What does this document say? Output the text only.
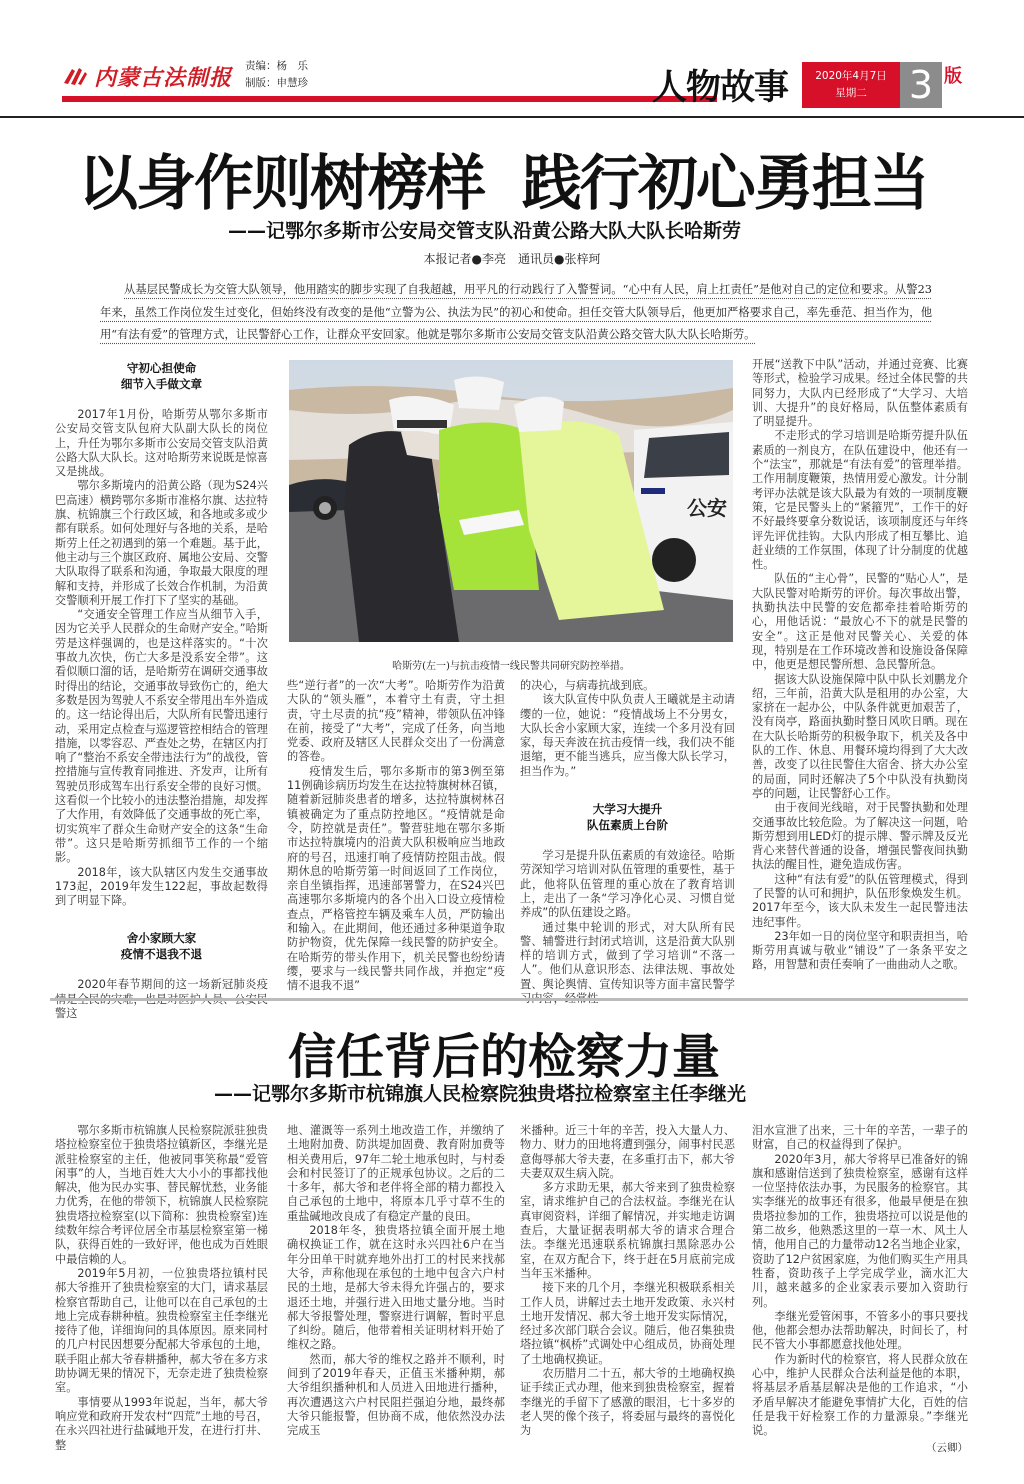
内蒙古法制报 责编：杨　乐
制版：申慧珍	人物故事	2020年4月7日
星期二	3 版
以身作则树榜样  践行初心勇担当
——记鄂尔多斯市公安局交管支队沿黄公路大队大队长哈斯劳
本报记者●李亮　通讯员●张梓珂
从基层民警成长为交管大队领导，他用踏实的脚步实现了自我超越，用平凡的行动践行了入警誓词。“心中有人民，肩上扛责任”是他对自己的定位和要求。从警23年来，虽然工作岗位发生过变化，但始终没有改变的是他“立警为公、执法为民”的初心和使命。担任交管大队领导后，他更加严格要求自己，率先垂范、担当作为，他用“有法有爱”的管理方式，让民警舒心工作，让群众平安回家。他就是鄂尔多斯市公安局交管支队沿黄公路交管大队大队长哈斯劳。
守初心担使命
细节入手做文章

2017年1月份，哈斯劳从鄂尔多斯市公安局交管支队包府大队副大队长的岗位上，升任为鄂尔多斯市公安局交管支队沿黄公路大队大队长。这对哈斯劳来说既是惊喜又是挑战。

鄂尔多斯境内的沿黄公路（现为S24兴巴高速）横跨鄂尔多斯市准格尔旗、达拉特旗、杭锦旗三个行政区域，和各地或多或少都有联系。如何处理好与各地的关系，是哈斯劳上任之初遇到的第一个难题。基于此，他主动与三个旗区政府、属地公安局、交警大队取得了联系和沟通，争取最大限度的理解和支持，并形成了长效合作机制，为沿黄交警顺利开展工作打下了坚实的基础。

“交通安全管理工作应当从细节入手，因为它关乎人民群众的生命财产安全。”哈斯劳是这样强调的，也是这样落实的。“十次事故九次快，伤亡大多是没系安全带”。这看似顺口溜的话，是哈斯劳在调研交通事故时得出的结论，交通事故导致伤亡的，绝大多数是因为驾驶人不系安全带甩出车外造成的。这一结论得出后，大队所有民警迅速行动，采用定点检查与巡逻管控相结合的管理措施，以零容忍、严查处之势，在辖区内打响了“整治不系安全带违法行为”的战役，管控措施与宣传教育同推进、齐发声，让所有驾驶员形成驾车出行系安全带的良好习惯。这看似一个比较小的违法整治措施，却发挥了大作用，有效降低了交通事故的死亡率，切实筑牢了群众生命财产安全的这条“生命带”。这只是哈斯劳抓细节工作的一个缩影。

2018年，该大队辖区内发生交通事故173起，2019年发生122起，事故起数得到了明显下降。

舍小家顾大家
疫情不退我不退

2020年春节期间的这一场新冠肺炎疫 警这

公安
哈斯劳(左一)与抗击疫情一线民警共同研究防控举措。

些“逆行者”的一次“大考”。哈斯劳作为沿黄大队的“领头雁”，本着守土有责，守土担责，守土尽责的抗“疫”精神，带领队伍冲锋在前，接受了“大考”，完成了任务，向当地党委、政府及辖区人民群众交出了一份满意的答卷。

疫情发生后，鄂尔多斯市的第3例至第11例确诊病历均发生在达拉特旗树林召镇，随着新冠肺炎患者的增多，达拉特旗树林召镇被确定为了重点防控地区。“疫情就是命令，防控就是责任”。警营驻地在鄂尔多斯市达拉特旗境内的沿黄大队积极响应当地政府的号召，迅速打响了疫情防控阻击战。假期休息的哈斯劳第一时间返回了工作岗位，亲自坐镇指挥，迅速部署警力，在S24兴巴高速鄂尔多斯境内的各个出入口设立疫情检查点，严格管控车辆及乘车人员，严防输出和输入。在此期间，他还通过多种渠道争取防护物资，优先保障一线民警的防护安全。在哈斯劳的带头作用下，机关民警也纷纷请缨，要求与一线民警共同作战，并抱定“疫情不退我不退”

的决心，与病毒抗战到底。

该大队宣传中队负责人王曦就是主动请缨的一位，她说：“疫情战场上不分男女，大队长舍小家顾大家，连续一个多月没有回家，每天奔波在抗击疫情一线，我们决不能退缩，更不能当逃兵，应当像大队长学习，担当作为。”

大学习大提升
队伍素质上台阶

学习是提升队伍素质的有效途径。哈斯劳深知学习培训对队伍管理的重要性，基于此，他将队伍管理的重心放在了教育培训上，走出了一条“学习净化心灵、习惯自觉养成”的队伍建设之路。

通过集中轮训的形式，对大队所有民警、辅警进行封闭式培训，这是沿黄大队别样的培训方式，做到了学习培训“不落一人”。他们从意识形态、法律法规、事故处置、舆论舆情、宣传知识等方面丰富民警学

开展“送教下中队”活动，并通过竞赛、比赛等形式，检验学习成果。经过全体民警的共同努力，大队内已经形成了“大学习、大培训、大提升”的良好格局，队伍整体素质有了明显提升。

不走形式的学习培训是哈斯劳提升队伍素质的一剂良方，在队伍建设中，他还有一个“法宝”，那就是“有法有爱”的管理举措。工作用制度鞭策，热情用爱心激发。计分制考评办法就是该大队最为有效的一项制度鞭策，它是民警头上的“紧箍咒”，工作干的好不好最终要拿分数说话，该项制度还与年终评先评优挂钩。大队内形成了相互攀比、追赶业绩的工作氛围，体现了计分制度的优越性。

队伍的“主心骨”，民警的“贴心人”，是大队民警对哈斯劳的评价。每次事故出警，执勤执法中民警的安危都牵挂着哈斯劳的心，用他话说：“最放心不下的就是民警的安全”。这正是他对民警关心、关爱的体现，特别是在工作环境改善和设施设备保障中，他更是想民警所想、急民警所急。

据该大队设施保障中队中队长刘鹏龙介绍，三年前，沿黄大队是租用的办公室，大家挤在一起办公，中队条件就更加艰苦了，没有岗亭，路面执勤时整日风吹日晒。现在在大队长哈斯劳的积极争取下，机关及各中队的工作、休息、用餐环境均得到了大大改善，改变了以往民警住大宿舍、挤大办公室的局面，同时还解决了5个中队没有执勤岗亭的问题，让民警舒心工作。

由于夜间光线暗，对于民警执勤和处理交通事故比较危险。为了解决这一问题，哈斯劳想到用LED灯的提示牌、警示牌及反光背心来替代普通的设备，增强民警夜间执勤执法的醒目性，避免造成伤害。

这种“有法有爱”的队伍管理模式，得到了民警的认可和拥护，队伍形象焕发生机。2017年至今，该大队未发生一起民警违法违纪事件。

23年如一日的岗位坚守和职责担当，哈斯劳用真诚与敬业“铺设”了一条条平安之路，用智慧和责任奏响了一曲曲动人之歌。

信任背后的检察力量
——记鄂尔多斯市杭锦旗人民检察院独贵塔拉检察室主任李继光

鄂尔多斯市杭锦旗人民检察院派驻独贵塔拉检察室位于独贵塔拉镇新区，李继光是派驻检察室的主任，他被同事笑称最“爱管闲事”的人，当地百姓大大小小的事都找他解决，他为民办实事、替民解忧愁，业务能力优秀，在他的带领下，杭锦旗人民检察院独贵塔拉检察室(以下简称：独贵检察室)连续数年综合考评位居全市基层检察室第一梯队，获得百姓的一致好评，他也成为百姓眼中最信赖的人。

2019年5月初，一位独贵塔拉镇村民郝大爷推开了独贵检察室的大门，请求基层检察官帮助自己，让他可以在自己承包的土地上完成春耕种植。独贵检察室主任李继光接待了他，详细询问的具体原因。原来同村的几户村民因想要分配郝大爷承包的土地，联手阻止郝大爷春耕播种，郝大爷在多方求助协调无果的情况下，无奈走进了独贵检察室。

事情要从1993年说起，当年，郝大爷响应党和政府开发农村“四荒”土地的号召，在永兴四社进行盐碱地开发，在进行打井、整

地、灌溉等一系列土地改造工作，并缴纳了土地附加费、防洪堤加固费、教育附加费等相关费用后，97年二轮土地承包时，与村委会和村民签订了的正规承包协议。之后的二十多年，郝大爷和老伴将全部的精力都投入自己承包的土地中，将原本几乎寸草不生的重盐碱地改良成了有稳定产量的良田。

2018年冬，独贵塔拉镇全面开展土地确权换证工作，就在这时永兴四社6户在当年分田单干时就弃地外出打工的村民来找郝大爷，声称他现在承包的土地中包含六户村民的土地，是郝大爷未得允许强占的，要求退还土地，并强行进入田地丈量分地。当时郝大爷报警处理，警察进行调解，暂时平息了纠纷。随后，他带着相关证明材料开始了维权之路。

然而，郝大爷的维权之路并不顺利，时间到了2019年春天，正值玉米播种期，郝大爷组织播种机和人员进入田地进行播种，再次遭遇这六户村民阻拦强迫分地，最终郝大爷只能报警，但协商不成，他依然没办法完成玉

米播种。近三十年的辛苦，投入大量人力、物力、财力的田地将遭到强分，闹事村民恶意侮辱郝大爷夫妻，在多重打击下，郝大爷夫妻双双生病入院。

多方求助无果，郝大爷来到了独贵检察室，请求维护自己的合法权益。李继光在认真审阅资料，详细了解情况，并实地走访调查后，大量证据表明郝大爷的请求合理合法。李继光迅速联系杭锦旗扫黑除恶办公室，在双方配合下，终于赶在5月底前完成当年玉米播种。

接下来的几个月，李继光积极联系相关工作人员，讲解过去土地开发政策、永兴村土地开发情况、郝大爷土地开发实际情况，经过多次部门联合会议。随后，他召集独贵塔拉镇“枫桥”式调处中心组成员，协商处理了土地确权换证。

农历腊月二十五，郝大爷的土地确权换证手续正式办理，他来到独贵检察室，握着李继光的手留下了感激的眼泪，七十多岁的老人哭的像个孩子，将委屈与最终的喜悦化为

泪水宣泄了出来，三十年的辛苦，一辈子的财富，自己的权益得到了保护。

2020年3月，郝大爷将早已准备好的锦旗和感谢信送到了独贵检察室，感谢有这样一位坚持依法办事，为民服务的检察官。其实李继光的故事还有很多，他最早便是在独贵塔拉参加的工作，独贵塔拉可以说是他的第二故乡，他熟悉这里的一草一木、风土人情，他用自己的力量带动12名当地企业家，资助了12户贫困家庭，为他们购买生产用具牲畜，资助孩子上学完成学业，滴水汇大川，越来越多的企业家表示要加入资助行列。

李继光爱管闲事，不管多小的事只要找他，他都会想办法帮助解决，时间长了，村民不管大小事都愿意找他处理。

作为新时代的检察官，将人民群众放在心中，维护人民群众合法利益是他的本职，将基层矛盾基层解决是他的工作追求，“小矛盾早解决才能避免事情扩大化，百姓的信任是我干好检察工作的力量源泉。”李继光说。

（云卿）
